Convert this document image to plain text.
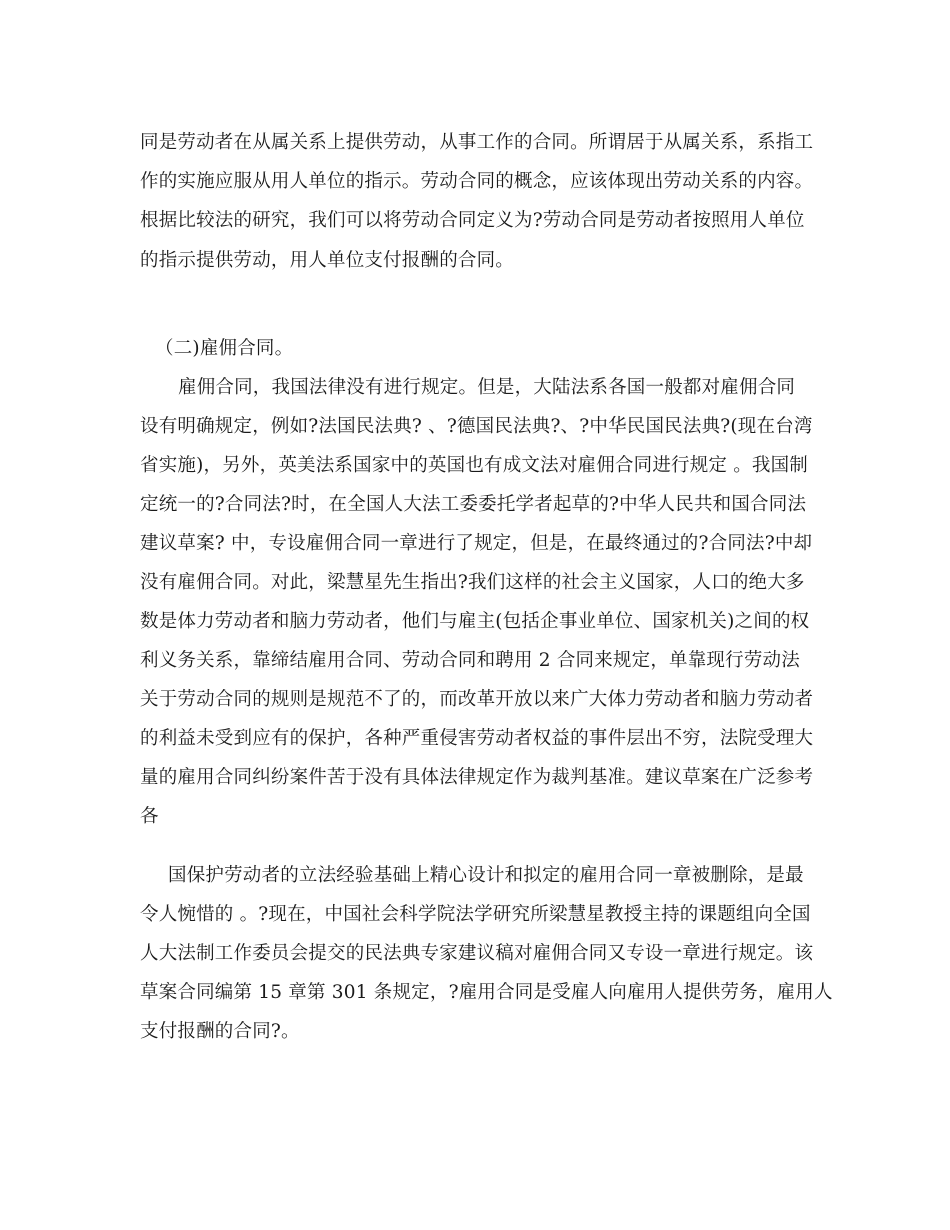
同是劳动者在从属关系上提供劳动，从事工作的合同。所谓居于从属关系，系指工
作的实施应服从用人单位的指示。劳动合同的概念，应该体现出劳动关系的内容。
根据比较法的研究，我们可以将劳动合同定义为?劳动合同是劳动者按照用人单位
的指示提供劳动，用人单位支付报酬的合同。
（二)雇佣合同。
雇佣合同，我国法律没有进行规定。但是，大陆法系各国一般都对雇佣合同
设有明确规定，例如?法国民法典? 、?德国民法典?、?中华民国民法典?(现在台湾
省实施)，另外，英美法系国家中的英国也有成文法对雇佣合同进行规定 。我国制
定统一的?合同法?时，在全国人大法工委委托学者起草的?中华人民共和国合同法
建议草案? 中，专设雇佣合同一章进行了规定，但是，在最终通过的?合同法?中却
没有雇佣合同。对此，梁慧星先生指出?我们这样的社会主义国家，人口的绝大多
数是体力劳动者和脑力劳动者，他们与雇主(包括企事业单位、国家机关)之间的权
利义务关系，靠缔结雇用合同、劳动合同和聘用 2 合同来规定，单靠现行劳动法
关于劳动合同的规则是规范不了的，而改革开放以来广大体力劳动者和脑力劳动者
的利益未受到应有的保护，各种严重侵害劳动者权益的事件层出不穷，法院受理大
量的雇用合同纠纷案件苦于没有具体法律规定作为裁判基准。建议草案在广泛参考
各
国保护劳动者的立法经验基础上精心设计和拟定的雇用合同一章被删除，是最
令人惋惜的 。?现在，中国社会科学院法学研究所梁慧星教授主持的课题组向全国
人大法制工作委员会提交的民法典专家建议稿对雇佣合同又专设一章进行规定。该
草案合同编第 15 章第 301 条规定，?雇用合同是受雇人向雇用人提供劳务，雇用人
支付报酬的合同?。
